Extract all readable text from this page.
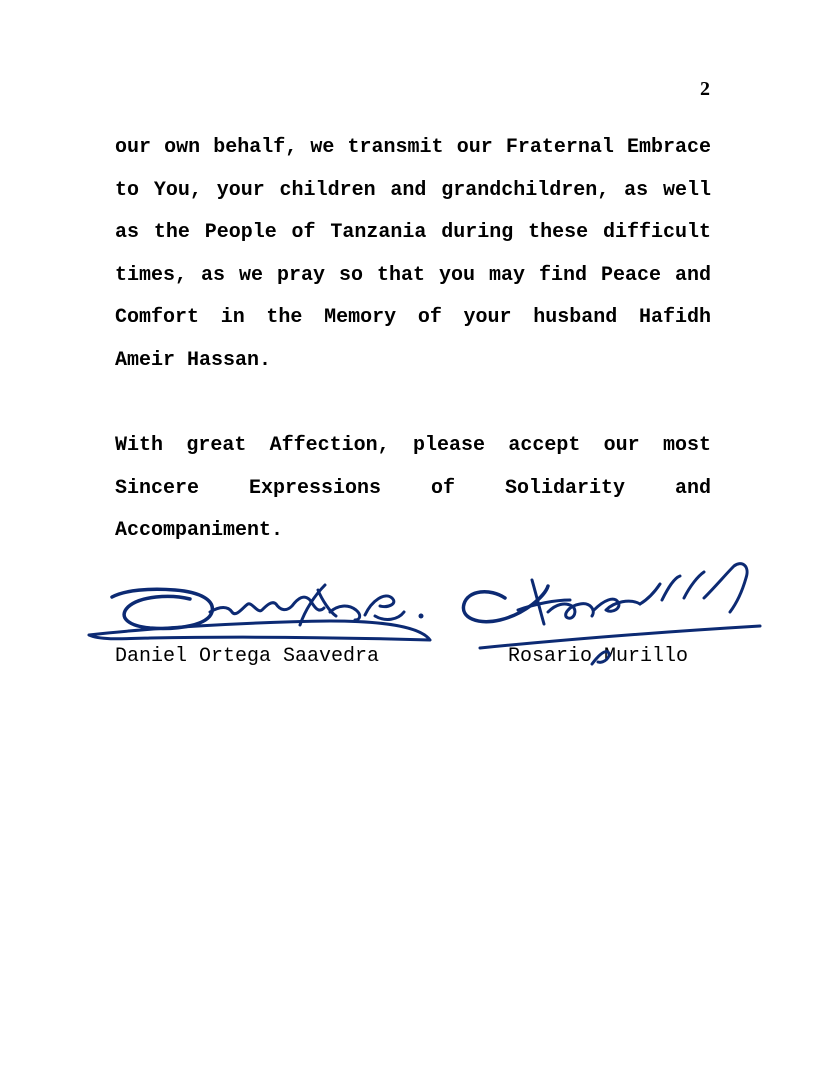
2
our own behalf, we transmit our Fraternal Embrace to You, your children and grandchildren, as well as the People of Tanzania during these difficult times, as we pray so that you may find Peace and Comfort in the Memory of your husband Hafidh Ameir Hassan.
With great Affection, please accept our most Sincere Expressions of Solidarity and Accompaniment.
Daniel Ortega Saavedra	Rosario Murillo
